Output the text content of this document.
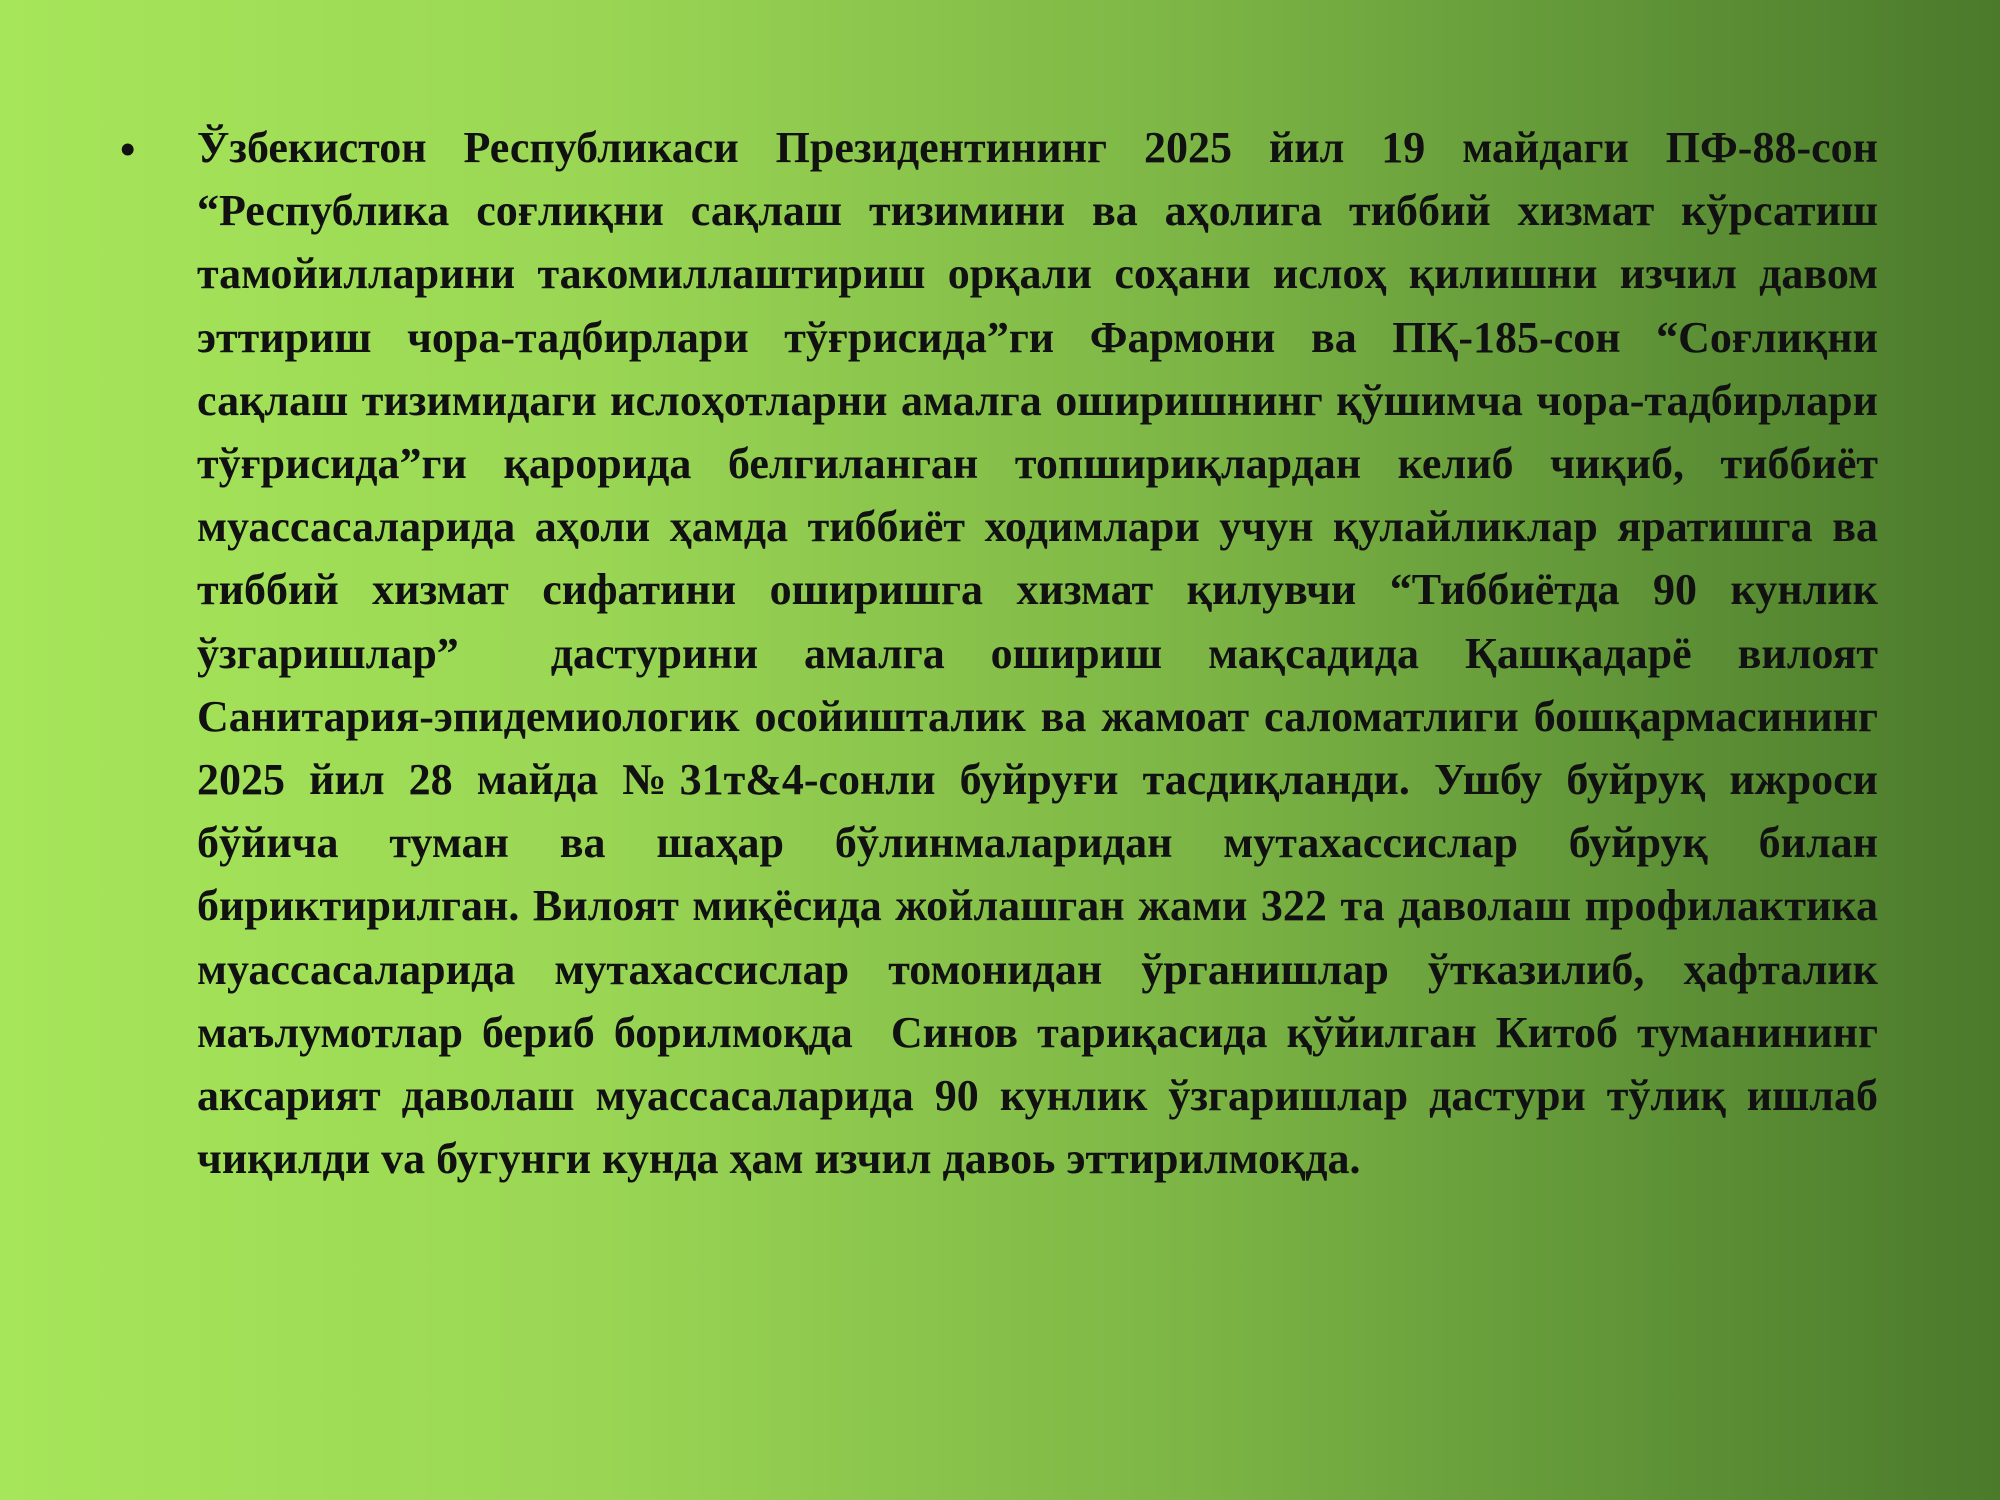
• Ўзбекистон Республикаси Президентининг 2025 йил 19 майдаги ПФ-88-сон “Республика соғлиқни сақлаш тизимини ва аҳолига тиббий хизмат кўрсатиш тамойилларини такомиллаштириш орқали соҳани ислоҳ қилишни изчил давом эттириш чора-тадбирлари тўғрисида”ги Фармони ва ПҚ-185-сон “Соғлиқни сақлаш тизимидаги ислоҳотларни амалга оширишнинг қўшимча чора-тадбирлари тўғрисида”ги қарорида белгиланган топшириқлардан келиб чиқиб, тиббиёт муассасаларида аҳоли ҳамда тиббиёт ходимлари учун қулайликлар яратишга ва тиббий хизмат сифатини оширишга хизмат қилувчи “Тиббиётда 90 кунлик ўзгаришлар”  дастурини амалга ошириш мақсадида Қашқадарё вилоят Санитария-эпидемиологик осойишталик ва жамоат саломатлиги бошқармасининг 2025 йил 28 майда №31т&4-сонли буйруғи тасдиқланди. Ушбу буйруқ ижроси бўйича туман ва шаҳар бўлинмаларидан мутахассислар буйруқ билан бириктирилган. Вилоят миқёсида жойлашган жами 322 та даволаш профилактика муассасаларида мутахассислар томонидан ўрганишлар ўтказилиб, ҳафталик маълумотлар бериб борилмоқда  Синов тариқасида қўйилган Китоб туманининг аксарият даволаш муассасаларида 90 кунлик ўзгаришлар дастури тўлиқ ишлаб чиқилди vа бугунги кунда ҳам изчил давоь эттирилмоқда.
